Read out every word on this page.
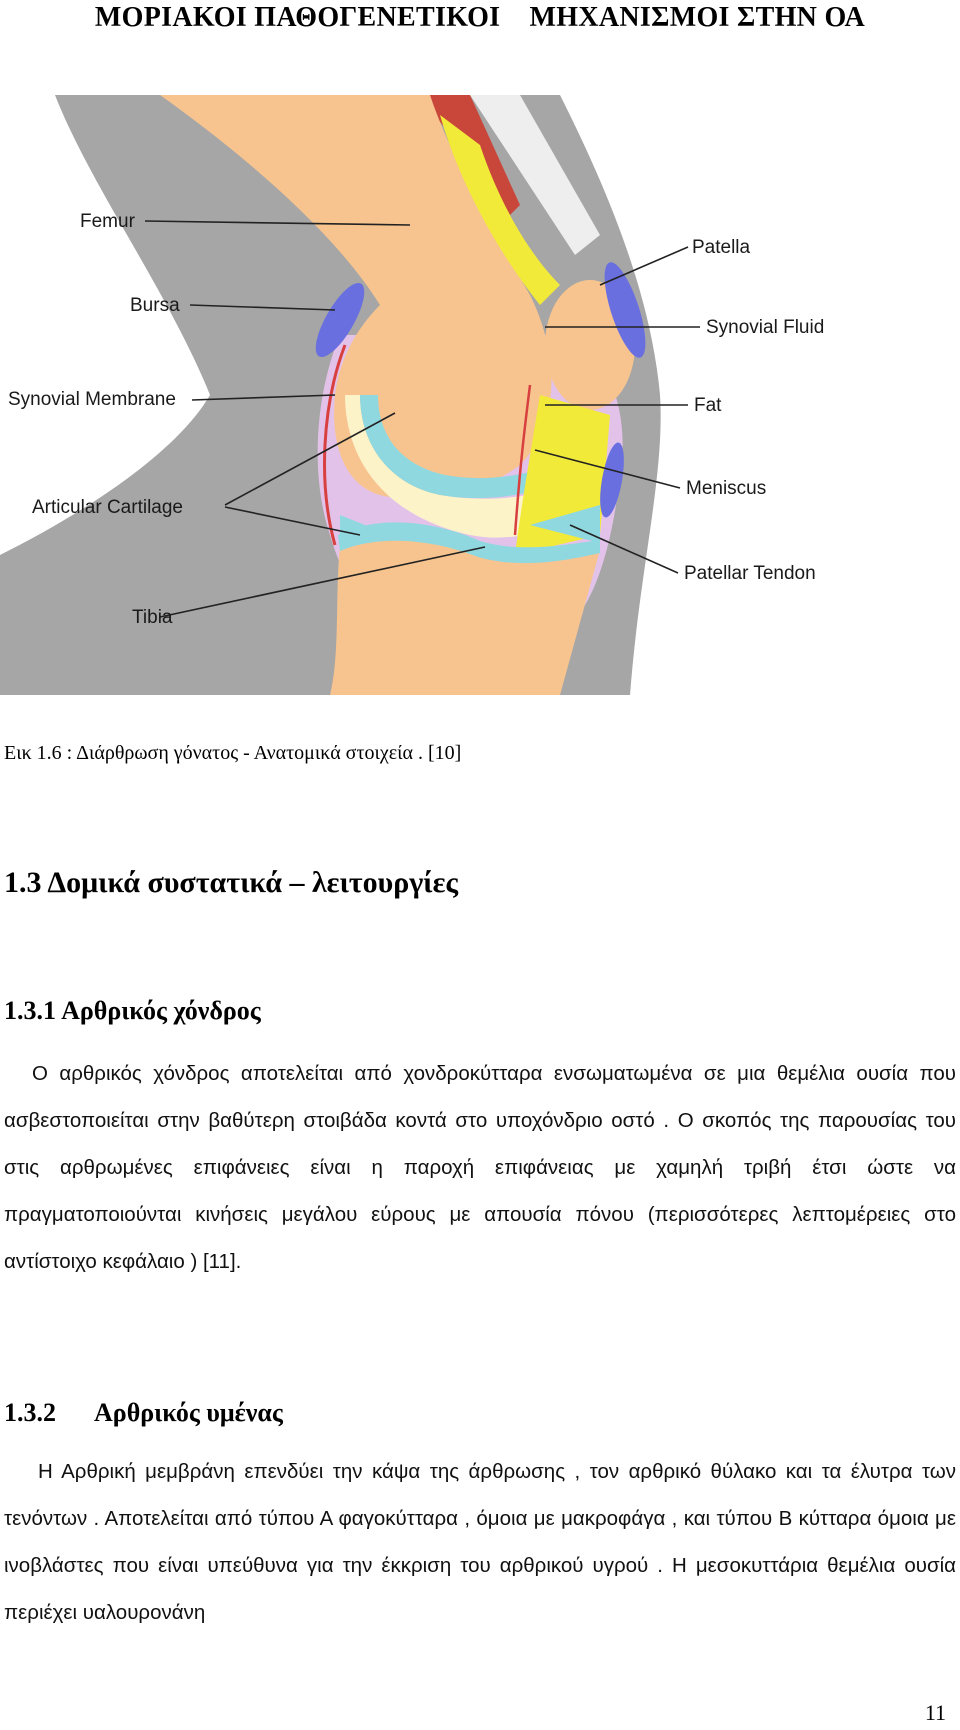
ΜΟΡΙΑΚΟΙ ΠΑΘΟΓΕΝΕΤΙΚΟΙ    ΜΗΧΑΝΙΣΜΟΙ ΣΤΗΝ ΟΑ
Femur
Bursa
Synovial Membrane
Articular Cartilage
Tibia
Patella
Synovial Fluid
Fat
Meniscus
Patellar Tendon
Εικ 1.6 : Διάρθρωση γόνατος - Ανατομικά στοιχεία . [10]
1.3 Δομικά συστατικά – λειτουργίες
1.3.1 Αρθρικός χόνδρος

Ο αρθρικός χόνδρος αποτελείται από χονδροκύτταρα ενσωματωμένα σε μια θεμέλια ουσία που ασβεστοποιείται στην βαθύτερη στοιβάδα κοντά στο υποχόνδριο οστό . Ο σκοπός της παρουσίας του στις αρθρωμένες επιφάνειες είναι η παροχή επιφάνειας με χαμηλή τριβή έτσι ώστε να πραγματοποιούνται κινήσεις μεγάλου εύρους με απουσία πόνου (περισσότερες λεπτομέρειες στο αντίστοιχο κεφάλαιο ) [11].

1.3.2 Αρθρικός υμένας

Η Αρθρική μεμβράνη επενδύει την κάψα της άρθρωσης , τον αρθρικό θύλακο και τα έλυτρα των τενόντων . Αποτελείται από τύπου Α φαγοκύτταρα , όμοια με μακροφάγα , και τύπου Β κύτταρα όμοια με ινοβλάστες που είναι υπεύθυνα για την έκκριση του αρθρικού υγρού . Η μεσοκυττάρια θεμέλια ουσία περιέχει υαλουρονάνη

11
